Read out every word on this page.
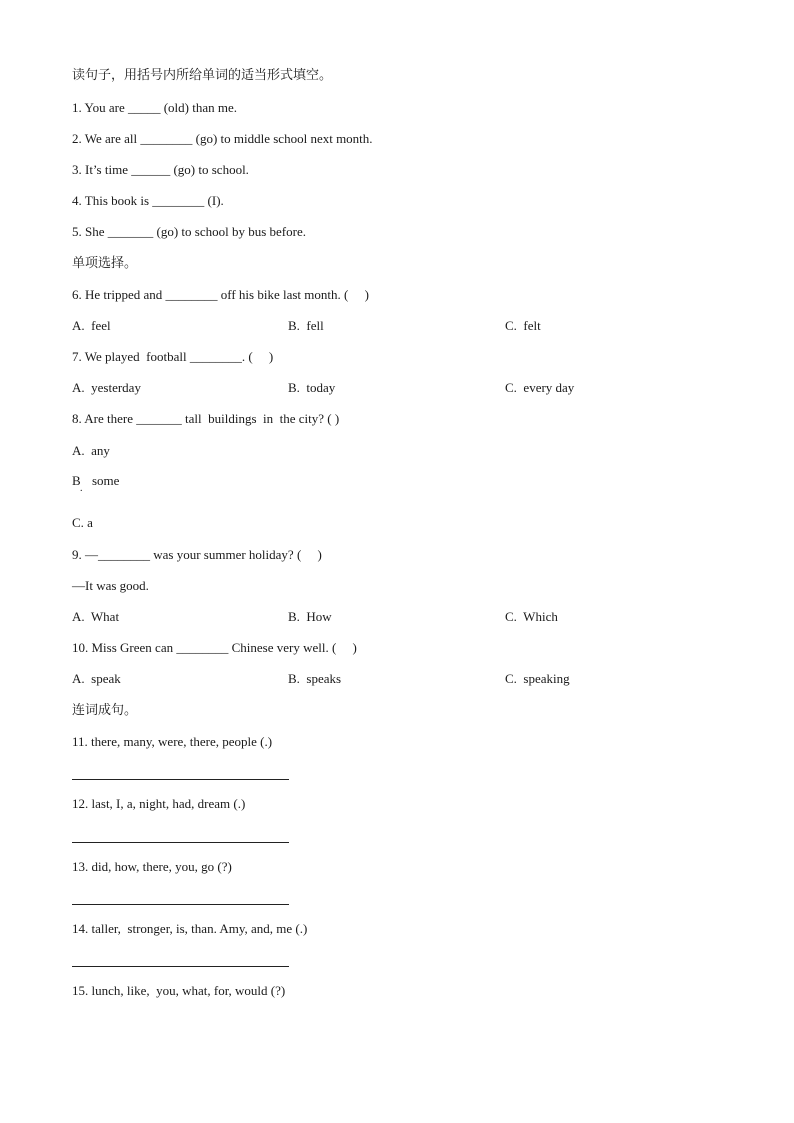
读句子，用括号内所给单词的适当形式填空。
1. You are _____ (old) than me.
2. We are all ________ (go) to middle school next month.
3. It’s time ______ (go) to school.
4. This book is ________ (I).
5. She _______ (go) to school by bus before.
单项选择。
6. He tripped and ________ off his bike last month. (     )
A.  feel	B.  fell	C.  felt
7. We played  football ________. (     )
A.  yesterday	B.  today	C.  every day
8. Are there _______ tall  buildings  in  the city? ( )
A.  any
B
.
some
C. a
9. —________ was your summer holiday? (     )
—It was good.
A.  What	B.  How	C.  Which
10. Miss Green can ________ Chinese very well. (     )
A.  speak	B.  speaks	C.  speaking
连词成句。
11. there, many, were, there, people (.)
12. last, I, a, night, had, dream (.)
13. did, how, there, you, go (?)
14. taller,  stronger, is, than. Amy, and, me (.)
15. lunch, like,  you, what, for, would (?)
